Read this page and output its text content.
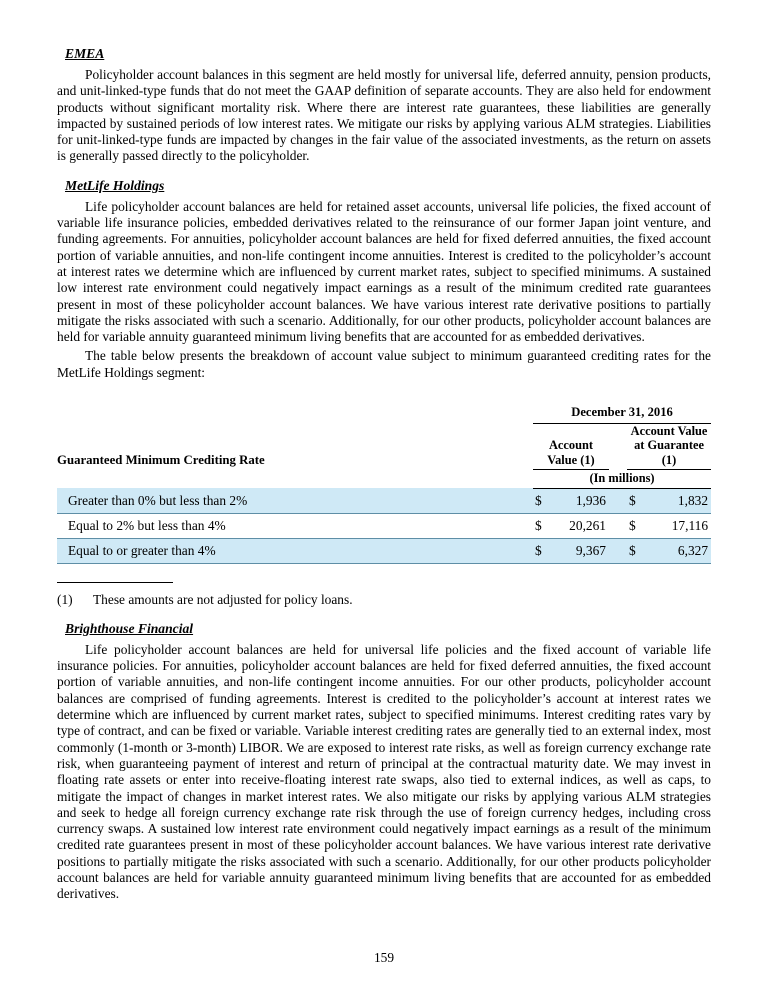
EMEA

Policyholder account balances in this segment are held mostly for universal life, deferred annuity, pension products, and unit-linked-type funds that do not meet the GAAP definition of separate accounts. They are also held for endowment products without significant mortality risk. Where there are interest rate guarantees, these liabilities are generally impacted by sustained periods of low interest rates. We mitigate our risks by applying various ALM strategies. Liabilities for unit-linked-type funds are impacted by changes in the fair value of the associated investments, as the return on assets is generally passed directly to the policyholder.

MetLife Holdings

Life policyholder account balances are held for retained asset accounts, universal life policies, the fixed account of variable life insurance policies, embedded derivatives related to the reinsurance of our former Japan joint venture, and funding agreements. For annuities, policyholder account balances are held for fixed deferred annuities, the fixed account portion of variable annuities, and non-life contingent income annuities. Interest is credited to the policyholder’s account at interest rates we determine which are influenced by current market rates, subject to specified minimums. A sustained low interest rate environment could negatively impact earnings as a result of the minimum credited rate guarantees present in most of these policyholder account balances. We have various interest rate derivative positions to partially mitigate the risks associated with such a scenario. Additionally, for our other products, policyholder account balances are held for variable annuity guaranteed minimum living benefits that are accounted for as embedded derivatives.

The table below presents the breakdown of account value subject to minimum guaranteed crediting rates for the MetLife Holdings segment:

	December 31, 2016				
Guaranteed Minimum Crediting Rate	Account Value (1)			Account Value at Guarantee (1)	
	(In millions)				
Greater than 0% but less than 2%	$	1,936		$	1,832
Equal to 2% but less than 4%	$	20,261		$	17,116
Equal to or greater than 4%	$	9,367		$	6,327
(1)	These amounts are not adjusted for policy loans.
Brighthouse Financial

Life policyholder account balances are held for universal life policies and the fixed account of variable life insurance policies. For annuities, policyholder account balances are held for fixed deferred annuities, the fixed account portion of variable annuities, and non-life contingent income annuities. For our other products, policyholder account balances are comprised of funding agreements. Interest is credited to the policyholder’s account at interest rates we determine which are influenced by current market rates, subject to specified minimums. Interest crediting rates vary by type of contract, and can be fixed or variable. Variable interest crediting rates are generally tied to an external index, most commonly (1-month or 3-month) LIBOR. We are exposed to interest rate risks, as well as foreign currency exchange rate risk, when guaranteeing payment of interest and return of principal at the contractual maturity date. We may invest in floating rate assets or enter into receive-floating interest rate swaps, also tied to external indices, as well as caps, to mitigate the impact of changes in market interest rates. We also mitigate our risks by applying various ALM strategies and seek to hedge all foreign currency exchange rate risk through the use of foreign currency hedges, including cross currency swaps. A sustained low interest rate environment could negatively impact earnings as a result of the minimum credited rate guarantees present in most of these policyholder account balances. We have various interest rate derivative positions to partially mitigate the risks associated with such a scenario. Additionally, for our other products policyholder account balances are held for variable annuity guaranteed minimum living benefits that are accounted for as embedded derivatives.

159
